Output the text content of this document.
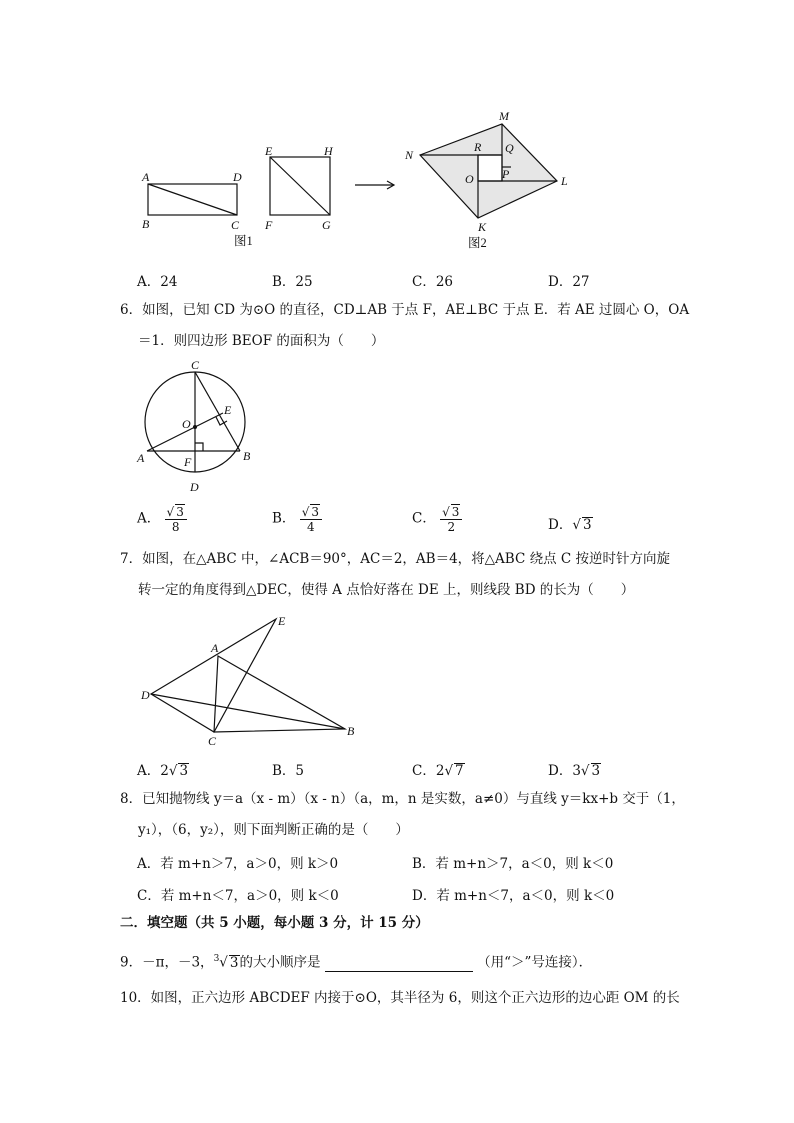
A	D
B	C
E	H
F	G
图1
M
N
R Q
P
O	L
K
图2
A．24	B．25	C．26	D．27
6．如图，已知 CD 为⊙O 的直径，CD⊥AB 于点 F，AE⊥BC 于点 E．若 AE 过圆心 O，OA
＝1．则四边形 BEOF 的面积为（　　）
C
E
O
A	F	B
D
A． $\frac{√ 3}{8}$	B． $\frac{√ 3}{4}$	C． $\frac{√ 3}{2}$	D．√ 3
7．如图，在△ABC 中，∠ACB＝90°，AC＝2，AB＝4，将△ABC 绕点 C 按逆时针方向旋
转一定的角度得到△DEC，使得 A 点恰好落在 DE 上，则线段 BD 的长为（　　）
E
A
D
C
B
A．2√ 3	B．5	C．2√ 7	D．3√ 3
8．已知抛物线 y＝a（x - m）（x - n）（a，m，n 是实数，a≠0）与直线 y＝kx+b 交于（1，
y₁），（6，y₂），则下面判断正确的是（　　）
A．若 m+n＞7，a＞0，则 k＞0	B．若 m+n＞7，a＜0，则 k＜0
C．若 m+n＜7，a＞0，则 k＜0	D．若 m+n＜7，a＜0，则 k＜0
二．填空题（共 5 小题，每小题 3 分，计 15 分）
9．－π，－3，$^3$√ 3的大小顺序是	（用“＞”号连接）．
10．如图，正六边形 ABCDEF 内接于⊙O，其半径为 6，则这个正六边形的边心距 OM 的长
